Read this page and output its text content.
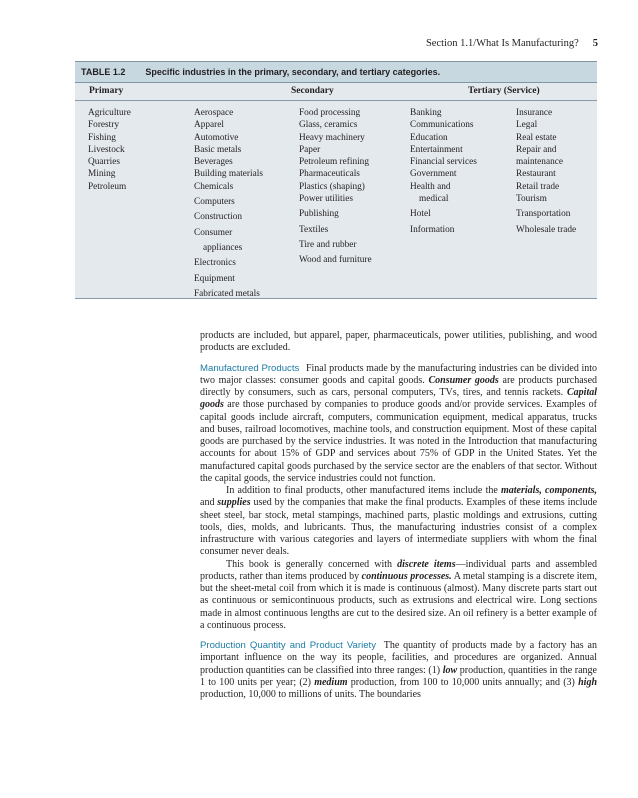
Section 1.1/What Is Manufacturing? 5
TABLE 1.2 Specific industries in the primary, secondary, and tertiary categories.
Primary	Secondary	Tertiary (Service)
Agriculture
Forestry
Fishing
Livestock
Quarries
Mining
Petroleum
Aerospace
Apparel
Automotive
Basic metals
Beverages
Building materials
Chemicals
Computers
Construction
Consumer
appliances
Electronics
Equipment
Fabricated metals
Food processing
Glass, ceramics
Heavy machinery
Paper
Petroleum refining
Pharmaceuticals
Plastics (shaping)
Power utilities
Publishing
Textiles
Tire and rubber
Wood and furniture
Banking
Communications
Education
Entertainment
Financial services
Government
Health and
medical
Hotel
Information
Insurance
Legal
Real estate
Repair and
maintenance
Restaurant
Retail trade
Tourism
Transportation
Wholesale trade

products are included, but apparel, paper, pharmaceuticals, power utilities, publishing, and wood products are excluded.

Manufactured Products Final products made by the manufacturing industries can be divided into two major classes: consumer goods and capital goods. Consumer goods are products purchased directly by consumers, such as cars, personal computers, TVs, tires, and tennis rackets. Capital goods are those purchased by companies to produce goods and/or provide services. Examples of capital goods include aircraft, computers, communication equipment, medical apparatus, trucks and buses, railroad locomotives, machine tools, and construction equipment. Most of these capital goods are purchased by the service industries. It was noted in the Introduction that manufacturing accounts for about 15% of GDP and services about 75% of GDP in the United States. Yet the manufactured capital goods purchased by the service sector are the enablers of that sector. Without the capital goods, the service industries could not function.

In addition to final products, other manufactured items include the materials, components, and supplies used by the companies that make the final products. Examples of these items include sheet steel, bar stock, metal stampings, machined parts, plastic moldings and extrusions, cutting tools, dies, molds, and lubricants. Thus, the manufacturing industries consist of a complex infrastructure with various categories and layers of intermediate suppliers with whom the final consumer never deals.

This book is generally concerned with discrete items—individual parts and assembled products, rather than items produced by continuous processes. A metal stamping is a discrete item, but the sheet-metal coil from which it is made is continuous (almost). Many discrete parts start out as continuous or semicontinuous products, such as extrusions and electrical wire. Long sections made in almost continuous lengths are cut to the desired size. An oil refinery is a better example of a continuous process.

Production Quantity and Product Variety The quantity of products made by a factory has an important influence on the way its people, facilities, and procedures are organized. Annual production quantities can be classified into three ranges: (1) low production, quantities in the range 1 to 100 units per year; (2) medium production, from 100 to 10,000 units annually; and (3) high production, 10,000 to millions of units. The boundaries
